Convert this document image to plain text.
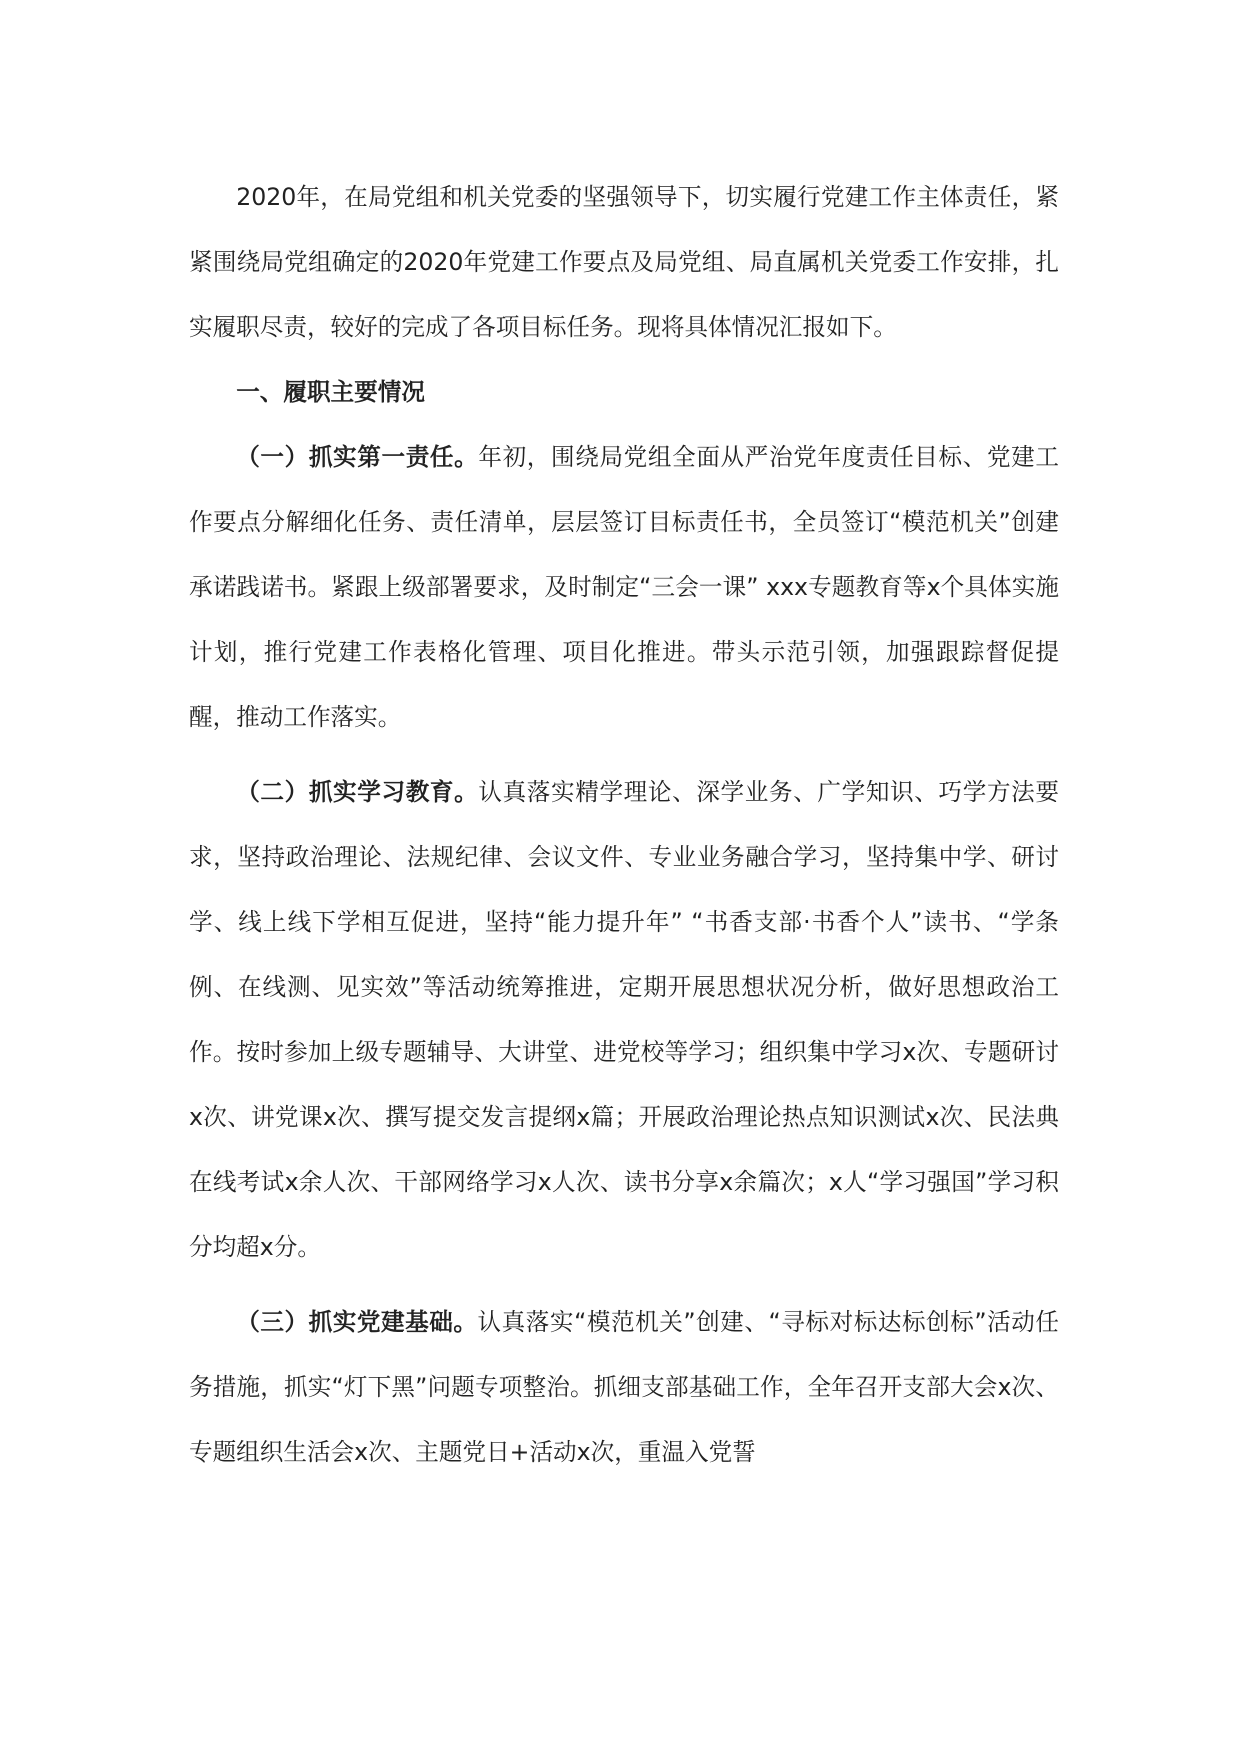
2020年，在局党组和机关党委的坚强领导下，切实履行党建工作主体责任，紧紧围绕局党组确定的2020年党建工作要点及局党组、局直属机关党委工作安排，扎实履职尽责，较好的完成了各项目标任务。现将具体情况汇报如下。

一、履职主要情况

（一）抓实第一责任。年初，围绕局党组全面从严治党年度责任目标、党建工作要点分解细化任务、责任清单，层层签订目标责任书，全员签订“模范机关”创建承诺践诺书。紧跟上级部署要求，及时制定“三会一课” xxx专题教育等x个具体实施计划，推行党建工作表格化管理、项目化推进。带头示范引领，加强跟踪督促提醒，推动工作落实。

（二）抓实学习教育。认真落实精学理论、深学业务、广学知识、巧学方法要求，坚持政治理论、法规纪律、会议文件、专业业务融合学习，坚持集中学、研讨学、线上线下学相互促进，坚持“能力提升年” “书香支部·书香个人”读书、“学条例、在线测、见实效”等活动统筹推进，定期开展思想状况分析，做好思想政治工作。按时参加上级专题辅导、大讲堂、进党校等学习；组织集中学习x次、专题研讨x次、讲党课x次、撰写提交发言提纲x篇；开展政治理论热点知识测试x次、民法典在线考试x余人次、干部网络学习x人次、读书分享x余篇次；x人“学习强国”学习积分均超x分。

（三）抓实党建基础。认真落实“模范机关”创建、“寻标对标达标创标”活动任务措施，抓实“灯下黑”问题专项整治。抓细支部基础工作，全年召开支部大会x次、专题组织生活会x次、主题党日+活动x次，重温入党誓
